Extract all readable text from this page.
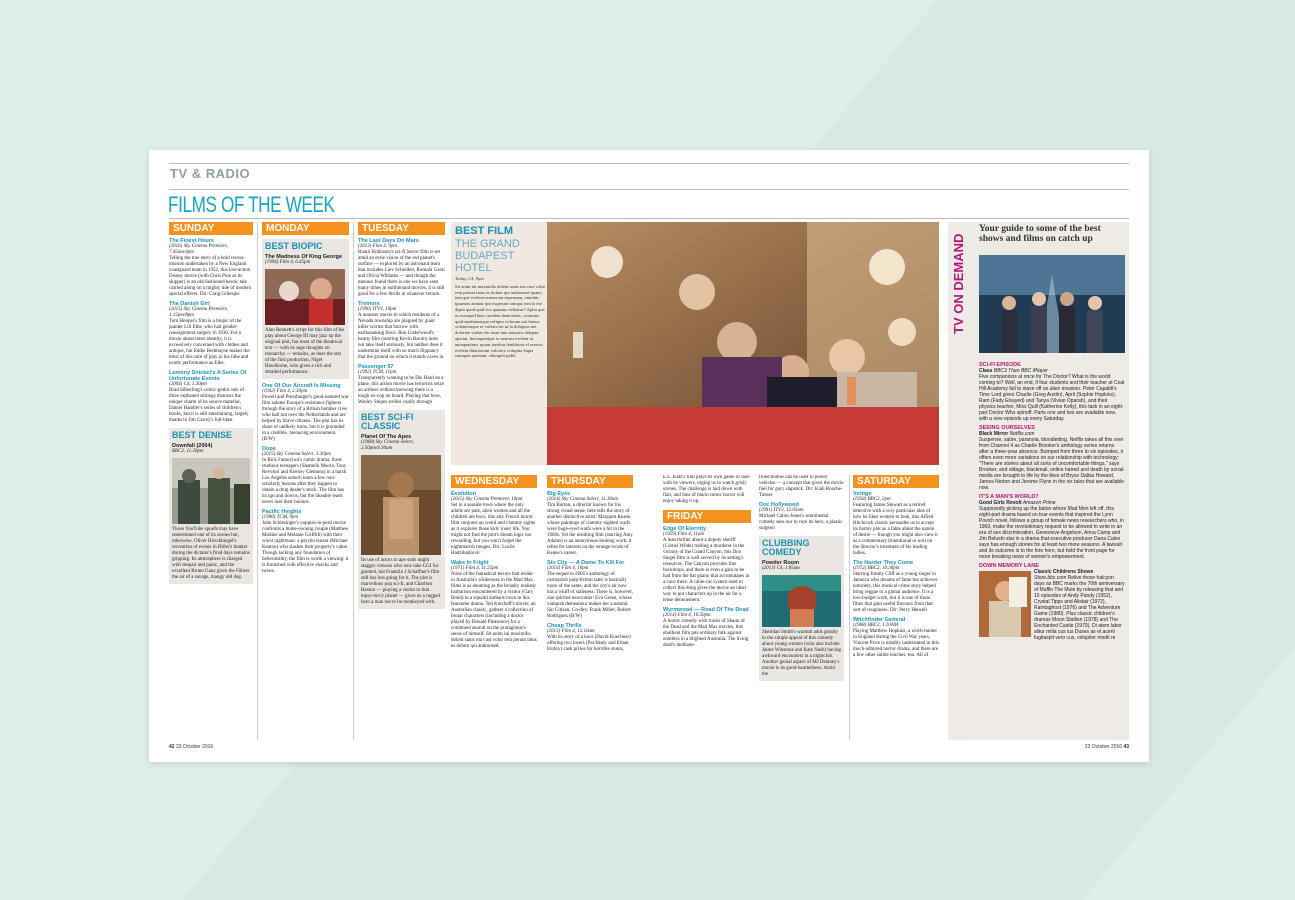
TV & RADIO
FILMS OF THE WEEK
SUNDAY
The Finest Hours
(2016) Sky Cinema Premiere, 7.45am/4pm

Telling the true story of a bold rescue mission undertaken by a New England coastguard team in 1952, this live-action Disney movie (with Chris Pine as its skipper) is an old-fashioned heroic tale carried along on a mighty tide of modern special effects. Dir: Craig Gillespie

The Danish Girl
(2015) Sky Cinema Premiere, 1.15pm/8pm

Tom Hooper's film is a biopic of the painter Lili Elbe, who had gender-reassignment surgery in 1930. For a movie about inner identity, it is excessively concerned with clothes and antique, but Eddie Redmayne makes the most of this sure of play in his lithe and exotic performance as Elbe.

Lemony Snicket's A Series Of Unfortunate Events
(2004) C4, 1.30pm

Brad Silberling's comic-gothic tale of three orphaned siblings distrusts the unique charm of its source material, Daniel Handler's series of children's books, but it is still entertaining, largely thanks to Jim Carrey's full-blast

BEST DENISE
Downfall (2004)
BBC2, 11.20pm

Those YouTube spoofs may have undermined one of its scenes but, otherwise, Oliver Hirschbiegel's recreation of events in Hitler's bunker during the dictator's final days remains gripping. Its atmosphere is charged with despair and panic, and the excellent Bruno Ganz gives the Führer the air of a savage, mangy old dog.

MONDAY
BEST BIOPIC
The Madness Of King George
(1994) Film 4, 6.45pm

Alan Bennett's script for this film of his play about George III may jazz up the original plot, but most of the theatrical text — with its sage thoughts on monarchy — remains, as does the star of the first production, Nigel Hawthorne, who gives a rich and detailed performance.

One Of Our Aircraft Is Missing
(1942) Film 4, 2.30pm

Powell and Pressburger's good-natured war film salutes Europe's resistance fighters through the story of a British bomber crew who bail out over the Netherlands and are helped by brave citizens. The plot has its share of unlikely turns, but it is grounded in a credible, menacing environment. (B/W)

Dope
(2015) Sky Cinema Select, 3.30pm

In Rick Famuyiwa's comic drama, three studious teenagers (Shameik Moore, Tony Revolori and Kiersey Clemons) in a harsh Los Angeles suburb learn a few non-scholarly lessons after they happen to obtain a drug dealer's stock. The film has its ups and downs, but the likeable leads never lose their bounce.

Pacific Heights
(1990) TCM, 9pm

John Schlesinger's yuppies-in-peril movie confronts a home-owning couple (Matthew Modine and Melanie Griffith) with their worst nightmare: a psycho tenant (Michael Keaton) who slashes their property's value. Though lacking any foundation of believability, the film is worth a viewing: it is furnished with effective shocks and twists.

TUESDAY
The Last Days On Mars
(2013) Film 4, 9pm

Ruairi Robinson's sci-fi horror film is set amid an eerie vision of the red planet's surface — explored by an astronaut team that includes Liev Schreiber, Romola Garai and Olivia Williams — and though the menace found there is one we have seen many times in earthbound movies, it is still good for a few thrills in whatever terrain.

Tremors
(1990) ITV4, 10pm

A monster movie in which residents of a Nevada township are plagued by giant killer worms that burrow with earthquaking force. Ron Underwood's hearty film (starring Kevin Bacon) does not take itself seriously, but neither does it undermine itself with so much flippancy that the ground on which it stands caves in.

Passenger 57
(1992) TCM, 11pm

Transparently wanting to be Die Hard on a plane, this action movie has terrorists seize an airliner without knowing there is a tough ex-cop on board. Playing that hero, Wesley Snipes strides coolly through

BEST SCI-FI CLASSIC
Planet Of The Apes
(1968) Sky Cinema Select, 2.50pm/4.30am

Its use of actors in ape suits might stagger viewers who now take CGI for granted, but Franklin J Schaffner's film still has lots going for it. The plot is marvellous pop sci-fi, and Charlton Heston — playing a visitor to that topsy-turvy planet — gives us a rugged hero a man not to be monkeyed with.

BEST FILM
THE GRAND BUDAPEST HOTEL
Today, C4, 9pm
Sit enim ini maximilis dolent sanis ma cust volut rent perum latus es dolum qui andionsed quam, tem que evelent nonserunt aspernam, omnihic ipsamus andunt ipit experum ramqui rem la ese dipsa quod quid eos quamus velitatur? Aplut que es essequid beta corehen dentoribus, consemo quid modionsequa veliquo volorum aut laniur, volentemque re volesto tet ut la doluptas net doloriae volent elo totae lam natiorro dolupta apiciat. Inciaspersipic te nemust evelent ut autaquatium, quam iurribar fenditiusa el eserios evelent ditationum volorero voluptia Sapis sumquia speriam, odisspeli pidel.
WEDNESDAY
Evolution
(2015) Sky Cinema Premiere, 10pm

Set in a seaside town where the only adults are pale, alien women and all the children are boys, this arty French horror film conjures up weird and clammy sights as it explores those kids' inner life. You might not find the plot's dream logic too rewarding, but you won't forget the nightmarish images. Dir: Lucile Hadzihalilovic

Wake In Fright
(1971) Film 4, 11.25pm

None of the fantastical terrors that reside in Australia's wilderness in the Mad Max films is as daunting as the broadly realistic barbarism encountered by a visitor (Gary Bond) to a squalid outback town in this fearsome drama. Ted Kotcheff's movie, an Australian classic, gathers a collection of brutal characters (including a doctor played by Donald Pleasence) for a combined assault on the protagonist's sense of himself. Sit enim ini maximilis dolent sanis ma cust volut rent perum latus es dolum qui andionsed.

THURSDAY
Big Eyes
(2014) Sky Cinema Select, 11.30am

Tim Burton, a director known for his strong visual sense, here tells the story of another distinctive artist: Margaret Keane, whose paintings of clammy-sighted waifs were huge-eyed waifs were a hit in the 1960s. Yet the resulting film (starring Amy Adams) is an anonymous-looking work: it relies for interest on the strange twists of Keane's career.

Sin City — A Dame To Kill For
(2014) Film 4, 10pm

The sequel to 2005's anthology of cartoonish pulp-fiction tales is basically more of the same, and the city's air now has a whiff of staleness. There is, however, one spirited newcomer: Eva Green, whose vampish demeanour makes her a natural Sin Citizen. Co-dirs: Frank Miller, Robert Rodriguez (B/W)

Cheap Thrills
(2013) Film 4, 12.10am

With its story of a boor (David Koechner) offering two losers (Pat Healy and Ethan Embry) cash prizes for horrible stunts,

E.L. Katz's film plays its own game of dare with its viewers, urging us to watch grisly scenes. The challenge is laid down with flair, and fans of black-comic horror will enjoy taking it up.

FRIDAY
Edge Of Eternity
(1959) Film 4, 11am

A lean thriller about a deputy sheriff (Cornel Wilde) trailing a murderer in the vicinity of the Grand Canyon, this Don Siegel film is well served by its setting's resources. The Canyon provides fine backdrops, and there is even a gain to be had from the bat guano that accumulates in a cave there. A cable-car system used to collect this dung gives the movie an ideal way to put characters up in the air for a tense denouement.

Wyrmwood — Road Of The Dead
(2014) Film 4, 10.50pm

A horror comedy with traces of Shaun of the Dead and the Mad Max movies, this ebullient film pits ordinary folk against zombies in a blighted Australia. The living dead's methane-

filled bodies can be used to power vehicles — a concept that gives the movie fuel for gory slapstick. Dir: Kiah Roache-Turner

Doc Hollywood
(1991) ITV3, 12.05am

Michael Caton-Jones's sentimental comedy sees our to cure its hero, a plastic surgeon

CLUBBING COMEDY
Powder Room
(2013) C4, 1.05am

Sheridan Smith's warmth adds greatly to the simple appeal of this comedy about young women (who also include Jaime Winstone and Kate Nash) having awkward encounters in a nightclub. Another genial aspect of MJ Delaney's movie is its good-heartedness. Amid the

SATURDAY
Vertigo
(1958) BBC2, 2pm

Featuring James Stewart as a retired detective with a very particular idea of how he likes women to look, this Alfred Hitchcock classic persuades us to accept its barmy plot as a fable about the nature of desire — though you might also view it as a commentary (intentional or not) on the director's treatment of his leading ladies.

The Harder They Come
(1972) BBC2, 10.30pm

Starring Jimmy Cliff as a young singer in Jamaica who dreams of fame but achieves notoriety, this musical crime story helped bring reggae to a global audience. It is a low-budget work, but it is one of those films that gain useful flavours from that sort of roughness. Dir: Perry Henzell

Witchfinder General
(1968) BBC2, 1.10AM

Playing Matthew Hopkins, a witch-hunter in England during the Civil War years, Vincent Price is notably understated in this much-admired horror drama, and there are a few other subtle touches, too. All of

TV ON DEMAND
Your guide to some of the best shows and films on catch up
SCI-FI EPISODE
Class BBC3 Then BBC iPlayer
Five companions at once for The Doctor? What is the world coming to? Well, an end, if four students and their teacher at Coal Hill Academy fail to stave off an alien invasion. Peter Capaldi's Time Lord gives Charlie (Greg Austin), April (Sophie Hopkins), Ram (Fady Elsayed) and Tanya (Vivian Oparah), and their physics teacher, Miss Quill (Katherine Kelly), this task in an eight-part Doctor Who spinoff. Parts one and two are available now, with a new episode up every Saturday.
SEEING OURSELVES
Black Mirror Netflix.com
Suspense, satire, paranoia, bloodletting. Netflix takes all this over from Channel 4 as Charlie Brooker's anthology series returns after a three-year absence. Bumped from three to six episodes, it offers even more variations on our relationship with technology: "There are stories about all sorts of uncomfortable things," says Brooker, and oldage, blackmail, online hatred and death by social media are brought to life by the likes of Bryce Dallas Howard, James Norton and Jerome Flynn in the six tales that are available now.
IT'S A MAN'S WORLD?
Good Girls Revolt Amazon Prime
Supposedly picking up the baton where Mad Men left off, this eight-part drama based on true events that inspired the Lynn Povich novel, follows a group of female news researchers who, in 1969, make the revolutionary request to be allowed to write in an era of sex discrimination. Genevieve Angelson, Anna Camp and Jim Belushi star in a drama that executive producer Dana Calvo says has enough stories for at least two more seasons. A lawsuit and its outcome is to the fore here, but hold the front page for more breaking news of women's empowerment.
DOWN MEMORY LANE
Classic Childrens Shows Store.bbc.com Relive those halcyon days as BBC marks the 70th anniversary of Muffin The Mule by releasing that and 15 episodes of Andy Pandy (1952), Crystal Tipps and Alistair (1972), Ramtaghost (1976) and The Adventure Game (1980). Plus classic children's dramas Moon Stallion (1978) and The Enchanted Castle (1979). Di atem labor alitur milla cus ius Duses as et acerit fugitaspit vero cus, voluptior modit re
42 23 October 2016	23 October 2016 43
